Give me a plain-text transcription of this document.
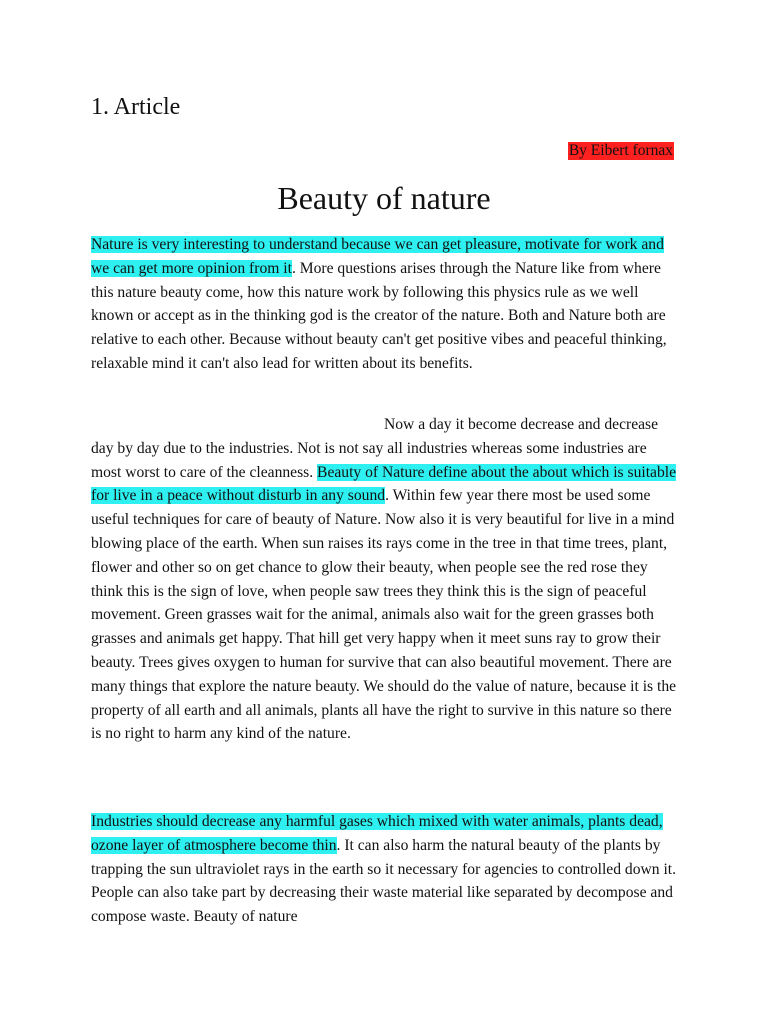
1. Article
By Eibert fornax
Beauty of nature

Nature is very interesting to understand because we can get pleasure, motivate for work and we can get more opinion from it. More questions arises through the Nature like from where this nature beauty come, how this nature work by following this physics rule as we well known or accept as in the thinking god is the creator of the nature. Both and Nature both are relative to each other. Because without beauty can't get positive vibes and peaceful thinking, relaxable mind it can't also lead for written about its benefits.

Now a day it become decrease and decrease day by day due to the industries. Not is not say all industries whereas some industries are most worst to care of the cleanness. Beauty of Nature define about the about which is suitable for live in a peace without disturb in any sound. Within few year there most be used some useful techniques for care of beauty of Nature. Now also it is very beautiful for live in a mind blowing place of the earth. When sun raises its rays come in the tree in that time trees, plant, flower and other so on get chance to glow their beauty, when people see the red rose they think this is the sign of love, when people saw trees they think this is the sign of peaceful movement. Green grasses wait for the animal, animals also wait for the green grasses both grasses and animals get happy. That hill get very happy when it meet suns ray to grow their beauty. Trees gives oxygen to human for survive that can also beautiful movement. There are many things that explore the nature beauty. We should do the value of nature, because it is the property of all earth and all animals, plants all have the right to survive in this nature so there is no right to harm any kind of the nature.

Industries should decrease any harmful gases which mixed with water animals, plants dead, ozone layer of atmosphere become thin. It can also harm the natural beauty of the plants by trapping the sun ultraviolet rays in the earth so it necessary for agencies to controlled down it. People can also take part by decreasing their waste material like separated by decompose and compose waste. Beauty of nature
